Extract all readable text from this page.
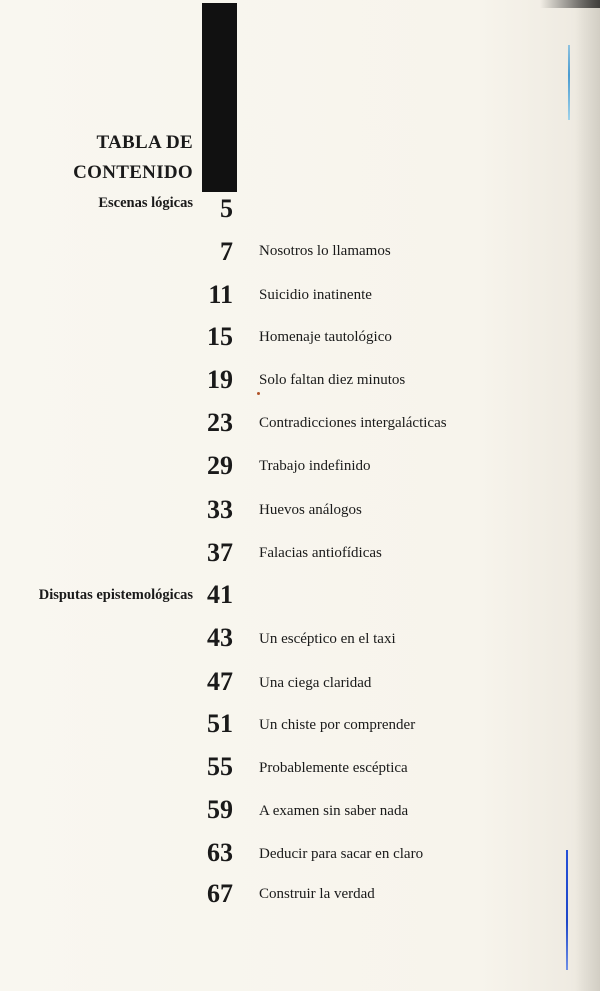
TABLA DE
CONTENIDO
Escenas lógicas 5
7 Nosotros lo llamamos
11 Suicidio inatinente
15 Homenaje tautológico
19 Solo faltan diez minutos
23 Contradicciones intergalácticas
29 Trabajo indefinido
33 Huevos análogos
37 Falacias antiofídicas
Disputas epistemológicas 41
43 Un escéptico en el taxi
47 Una ciega claridad
51 Un chiste por comprender
55 Probablemente escéptica
59 A examen sin saber nada
63 Deducir para sacar en claro
67 Construir la verdad
